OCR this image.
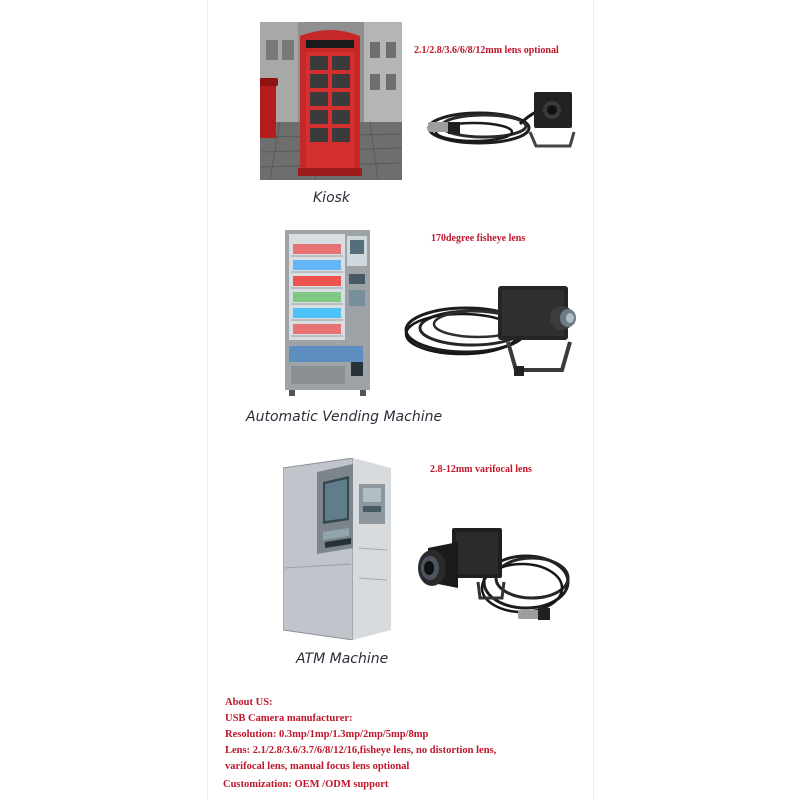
Kiosk
2.1/2.8/3.6/6/8/12mm lens optional
Automatic Vending Machine
170degree fisheye lens
ATM Machine
2.8-12mm varifocal lens
About US:
USB Camera manufacturer:
Resolution: 0.3mp/1mp/1.3mp/2mp/5mp/8mp
Lens: 2.1/2.8/3.6/3.7/6/8/12/16,fisheye lens, no distortion lens,
varifocal lens, manual focus lens optional
Customization: OEM /ODM support
